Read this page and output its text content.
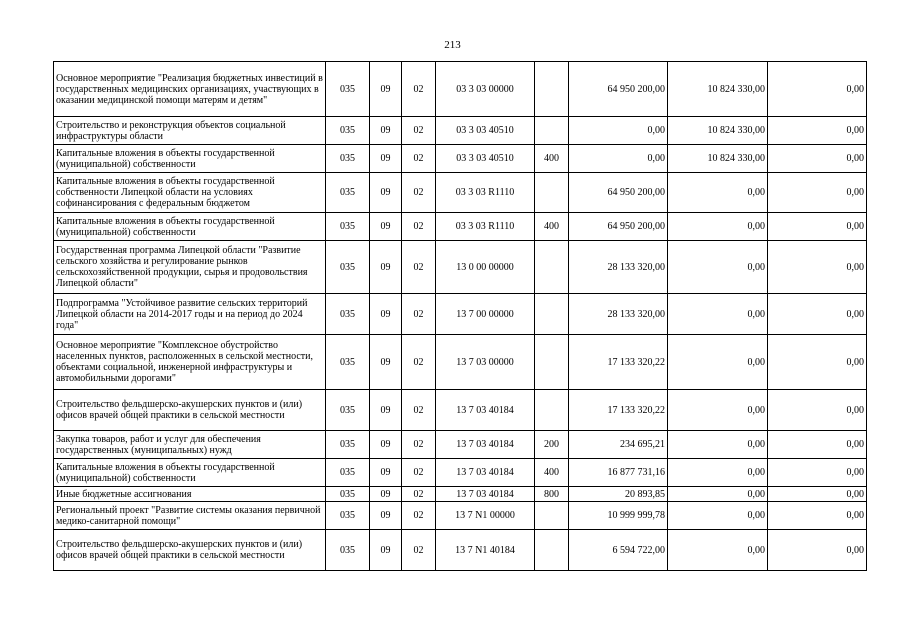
213
Основное мероприятие "Реализация бюджетных инвестиций в государственных медицинских организациях, участвующих в оказании медицинской помощи матерям и детям"	035	09	02	03 3 03 00000		64 950 200,00	10 824 330,00	0,00
Строительство и реконструкция объектов социальной инфраструктуры области	035	09	02	03 3 03 40510		0,00	10 824 330,00	0,00
Капитальные вложения в объекты государственной (муниципальной) собственности	035	09	02	03 3 03 40510	400	0,00	10 824 330,00	0,00
Капитальные вложения в объекты государственной собственности Липецкой области на условиях софинансирования с федеральным бюджетом	035	09	02	03 3 03 R1110		64 950 200,00	0,00	0,00
Капитальные вложения в объекты государственной (муниципальной) собственности	035	09	02	03 3 03 R1110	400	64 950 200,00	0,00	0,00
Государственная программа Липецкой области "Развитие сельского хозяйства и регулирование рынков сельскохозяйственной продукции, сырья и продовольствия Липецкой области"	035	09	02	13 0 00 00000		28 133 320,00	0,00	0,00
Подпрограмма "Устойчивое развитие сельских территорий Липецкой области на 2014-2017 годы и на период до 2024 года"	035	09	02	13 7 00 00000		28 133 320,00	0,00	0,00
Основное мероприятие "Комплексное обустройство населенных пунктов, расположенных в сельской местности, объектами социальной, инженерной инфраструктуры и автомобильными дорогами"	035	09	02	13 7 03 00000		17 133 320,22	0,00	0,00
Строительство фельдшерско-акушерских пунктов и (или) офисов врачей общей практики в сельской местности	035	09	02	13 7 03 40184		17 133 320,22	0,00	0,00
Закупка товаров, работ и услуг для обеспечения государственных (муниципальных) нужд	035	09	02	13 7 03 40184	200	234 695,21	0,00	0,00
Капитальные вложения в объекты государственной (муниципальной) собственности	035	09	02	13 7 03 40184	400	16 877 731,16	0,00	0,00
Иные бюджетные ассигнования	035	09	02	13 7 03 40184	800	20 893,85	0,00	0,00
Региональный проект "Развитие системы оказания первичной медико-санитарной помощи"	035	09	02	13 7 N1 00000		10 999 999,78	0,00	0,00
Строительство фельдшерско-акушерских пунктов и (или) офисов врачей общей практики в сельской местности	035	09	02	13 7 N1 40184		6 594 722,00	0,00	0,00
